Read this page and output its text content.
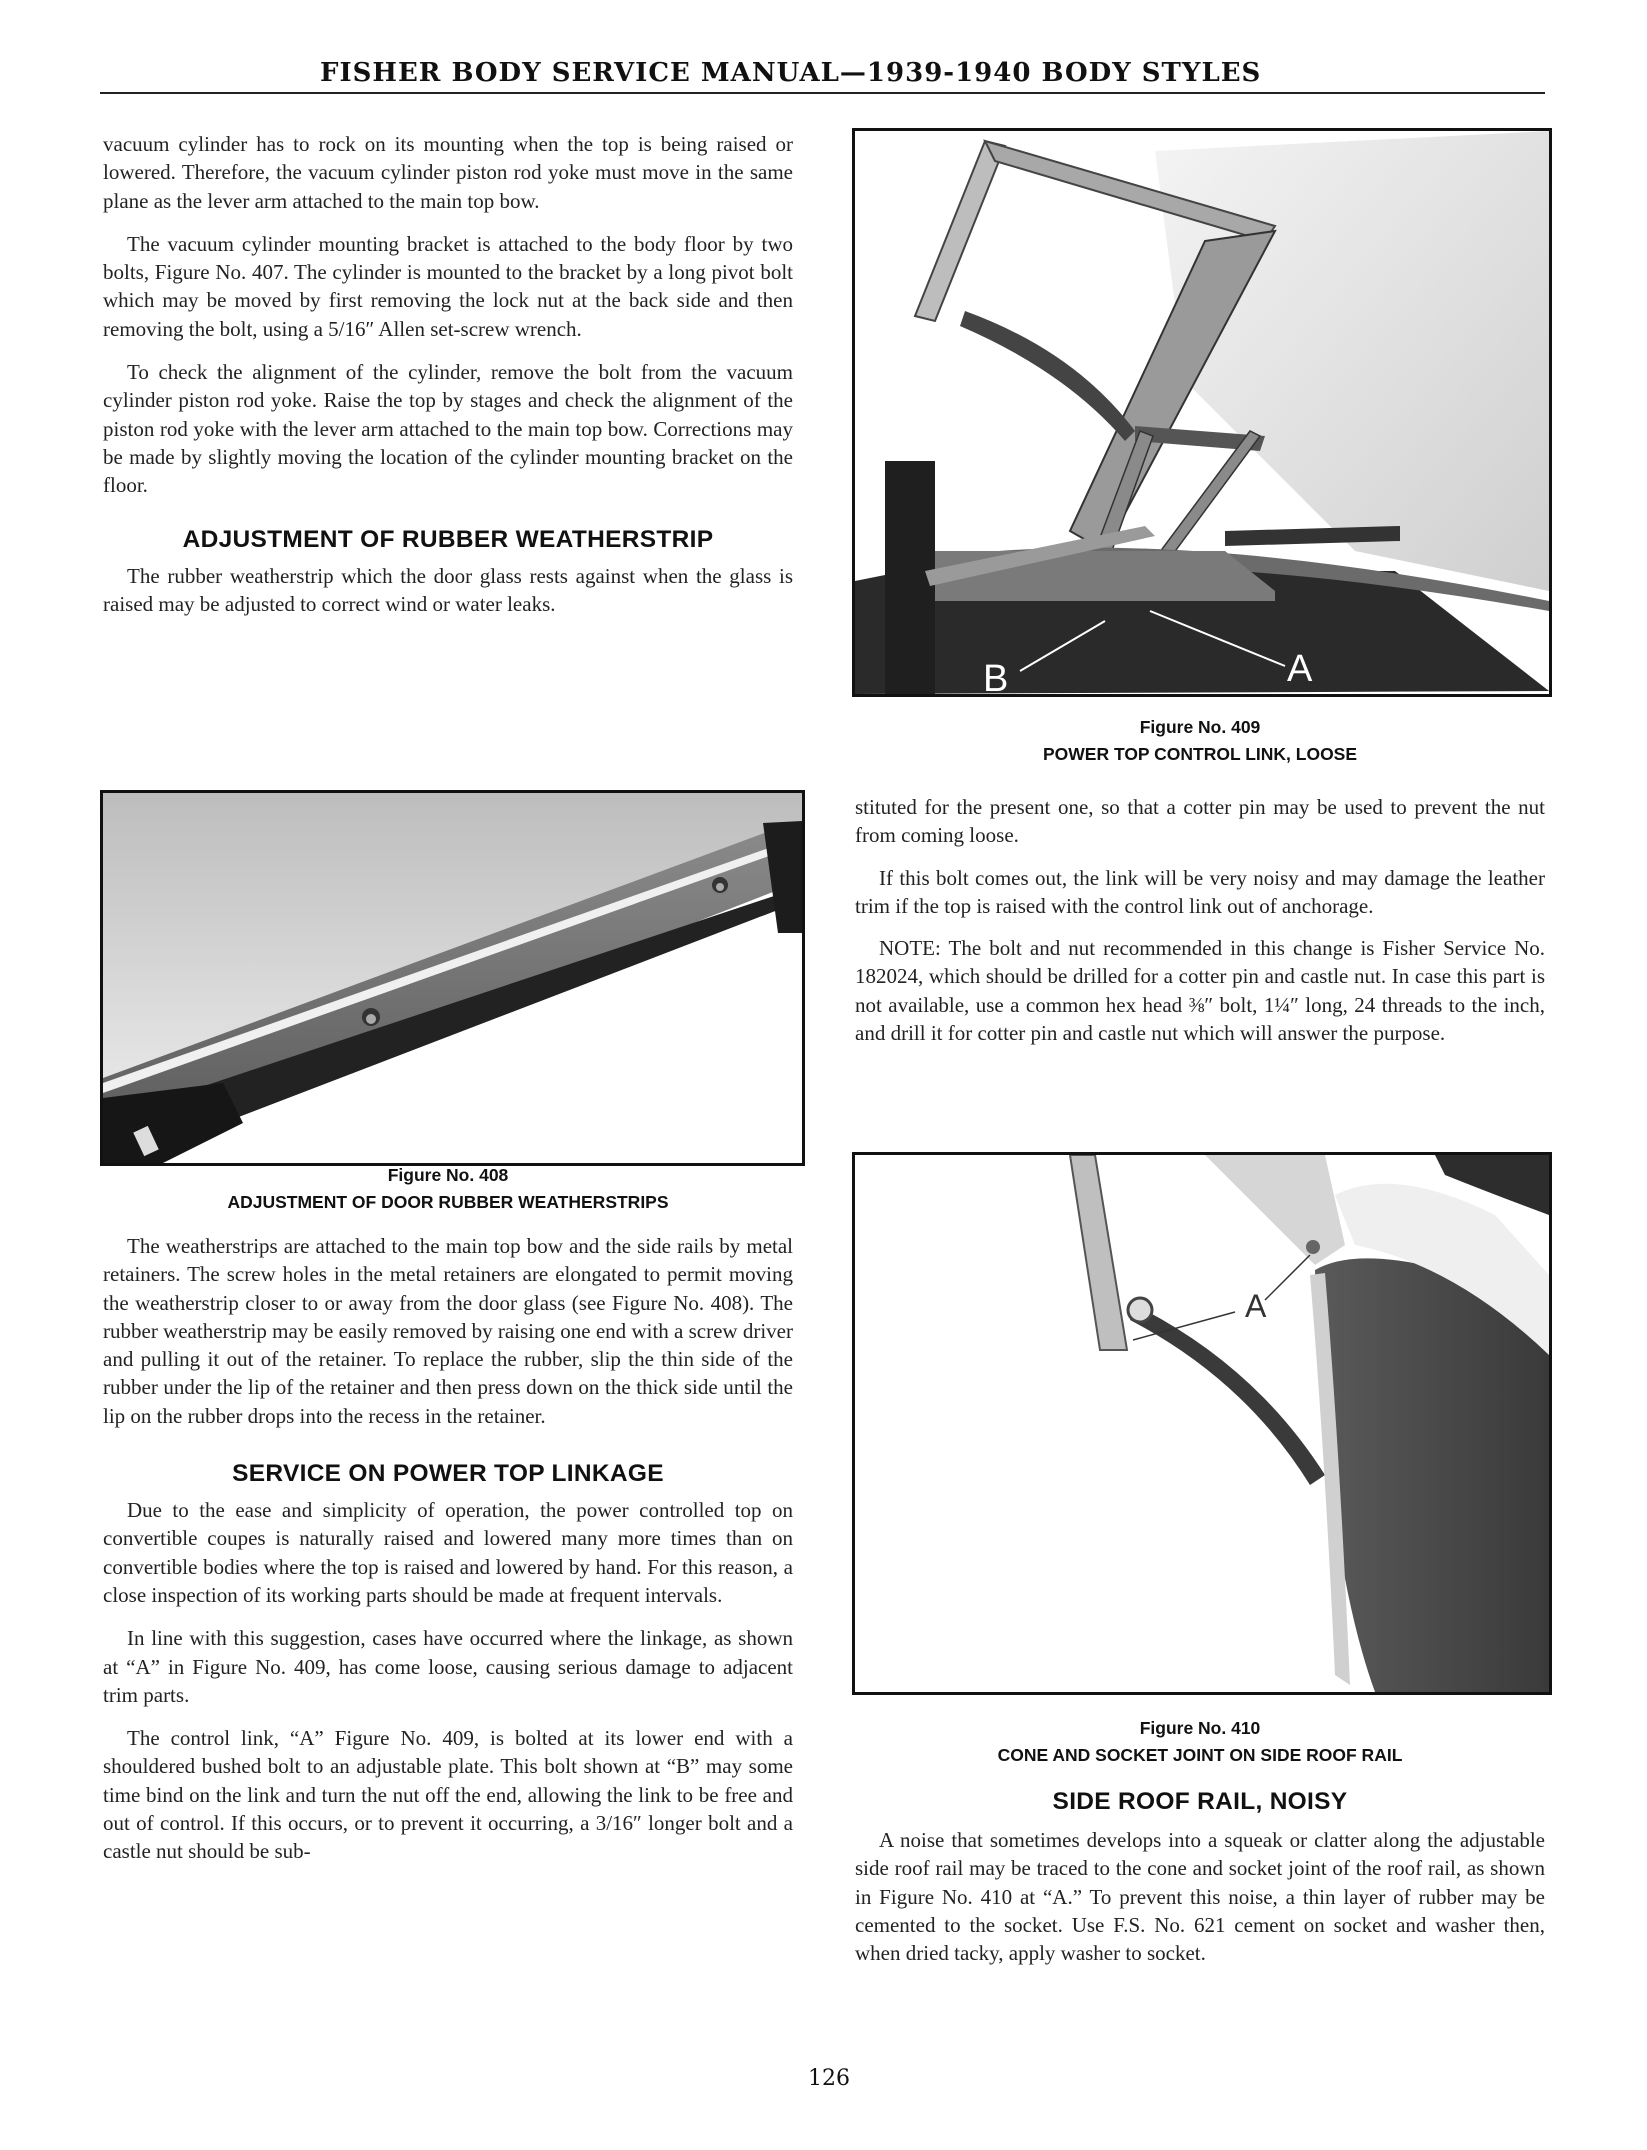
FISHER BODY SERVICE MANUAL—1939-1940 BODY STYLES

vacuum cylinder has to rock on its mounting when the top is being raised or lowered. Therefore, the vacuum cylinder piston rod yoke must move in the same plane as the lever arm attached to the main top bow.

The vacuum cylinder mounting bracket is attached to the body floor by two bolts, Figure No. 407. The cylinder is mounted to the bracket by a long pivot bolt which may be moved by first removing the lock nut at the back side and then removing the bolt, using a 5/16″ Allen set-screw wrench.

To check the alignment of the cylinder, remove the bolt from the vacuum cylinder piston rod yoke. Raise the top by stages and check the alignment of the piston rod yoke with the lever arm attached to the main top bow. Corrections may be made by slightly moving the location of the cylinder mounting bracket on the floor.

ADJUSTMENT OF RUBBER WEATHERSTRIP

The rubber weatherstrip which the door glass rests against when the glass is raised may be adjusted to correct wind or water leaks.

Figure No. 408
ADJUSTMENT OF DOOR RUBBER WEATHERSTRIPS

The weatherstrips are attached to the main top bow and the side rails by metal retainers. The screw holes in the metal retainers are elongated to permit moving the weatherstrip closer to or away from the door glass (see Figure No. 408). The rubber weatherstrip may be easily removed by raising one end with a screw driver and pulling it out of the retainer. To replace the rubber, slip the thin side of the rubber under the lip of the retainer and then press down on the thick side until the lip on the rubber drops into the recess in the retainer.

SERVICE ON POWER TOP LINKAGE

Due to the ease and simplicity of operation, the power controlled top on convertible coupes is naturally raised and lowered many more times than on convertible bodies where the top is raised and lowered by hand. For this reason, a close inspection of its working parts should be made at frequent intervals.

In line with this suggestion, cases have occurred where the linkage, as shown at “A” in Figure No. 409, has come loose, causing serious damage to adjacent trim parts.

The control link, “A” Figure No. 409, is bolted at its lower end with a shouldered bushed bolt to an adjustable plate. This bolt shown at “B” may some time bind on the link and turn the nut off the end, allowing the link to be free and out of control. If this occurs, or to prevent it occurring, a 3/16″ longer bolt and a castle nut should be sub-

B	A
Figure No. 409
POWER TOP CONTROL LINK, LOOSE

stituted for the present one, so that a cotter pin may be used to prevent the nut from coming loose.

If this bolt comes out, the link will be very noisy and may damage the leather trim if the top is raised with the control link out of anchorage.

NOTE: The bolt and nut recommended in this change is Fisher Service No. 182024, which should be drilled for a cotter pin and castle nut. In case this part is not available, use a common hex head ⅜″ bolt, 1¼″ long, 24 threads to the inch, and drill it for cotter pin and castle nut which will answer the purpose.

A
Figure No. 410
CONE AND SOCKET JOINT ON SIDE ROOF RAIL
SIDE ROOF RAIL, NOISY

A noise that sometimes develops into a squeak or clatter along the adjustable side roof rail may be traced to the cone and socket joint of the roof rail, as shown in Figure No. 410 at “A.” To prevent this noise, a thin layer of rubber may be cemented to the socket. Use F.S. No. 621 cement on socket and washer then, when dried tacky, apply washer to socket.

126
